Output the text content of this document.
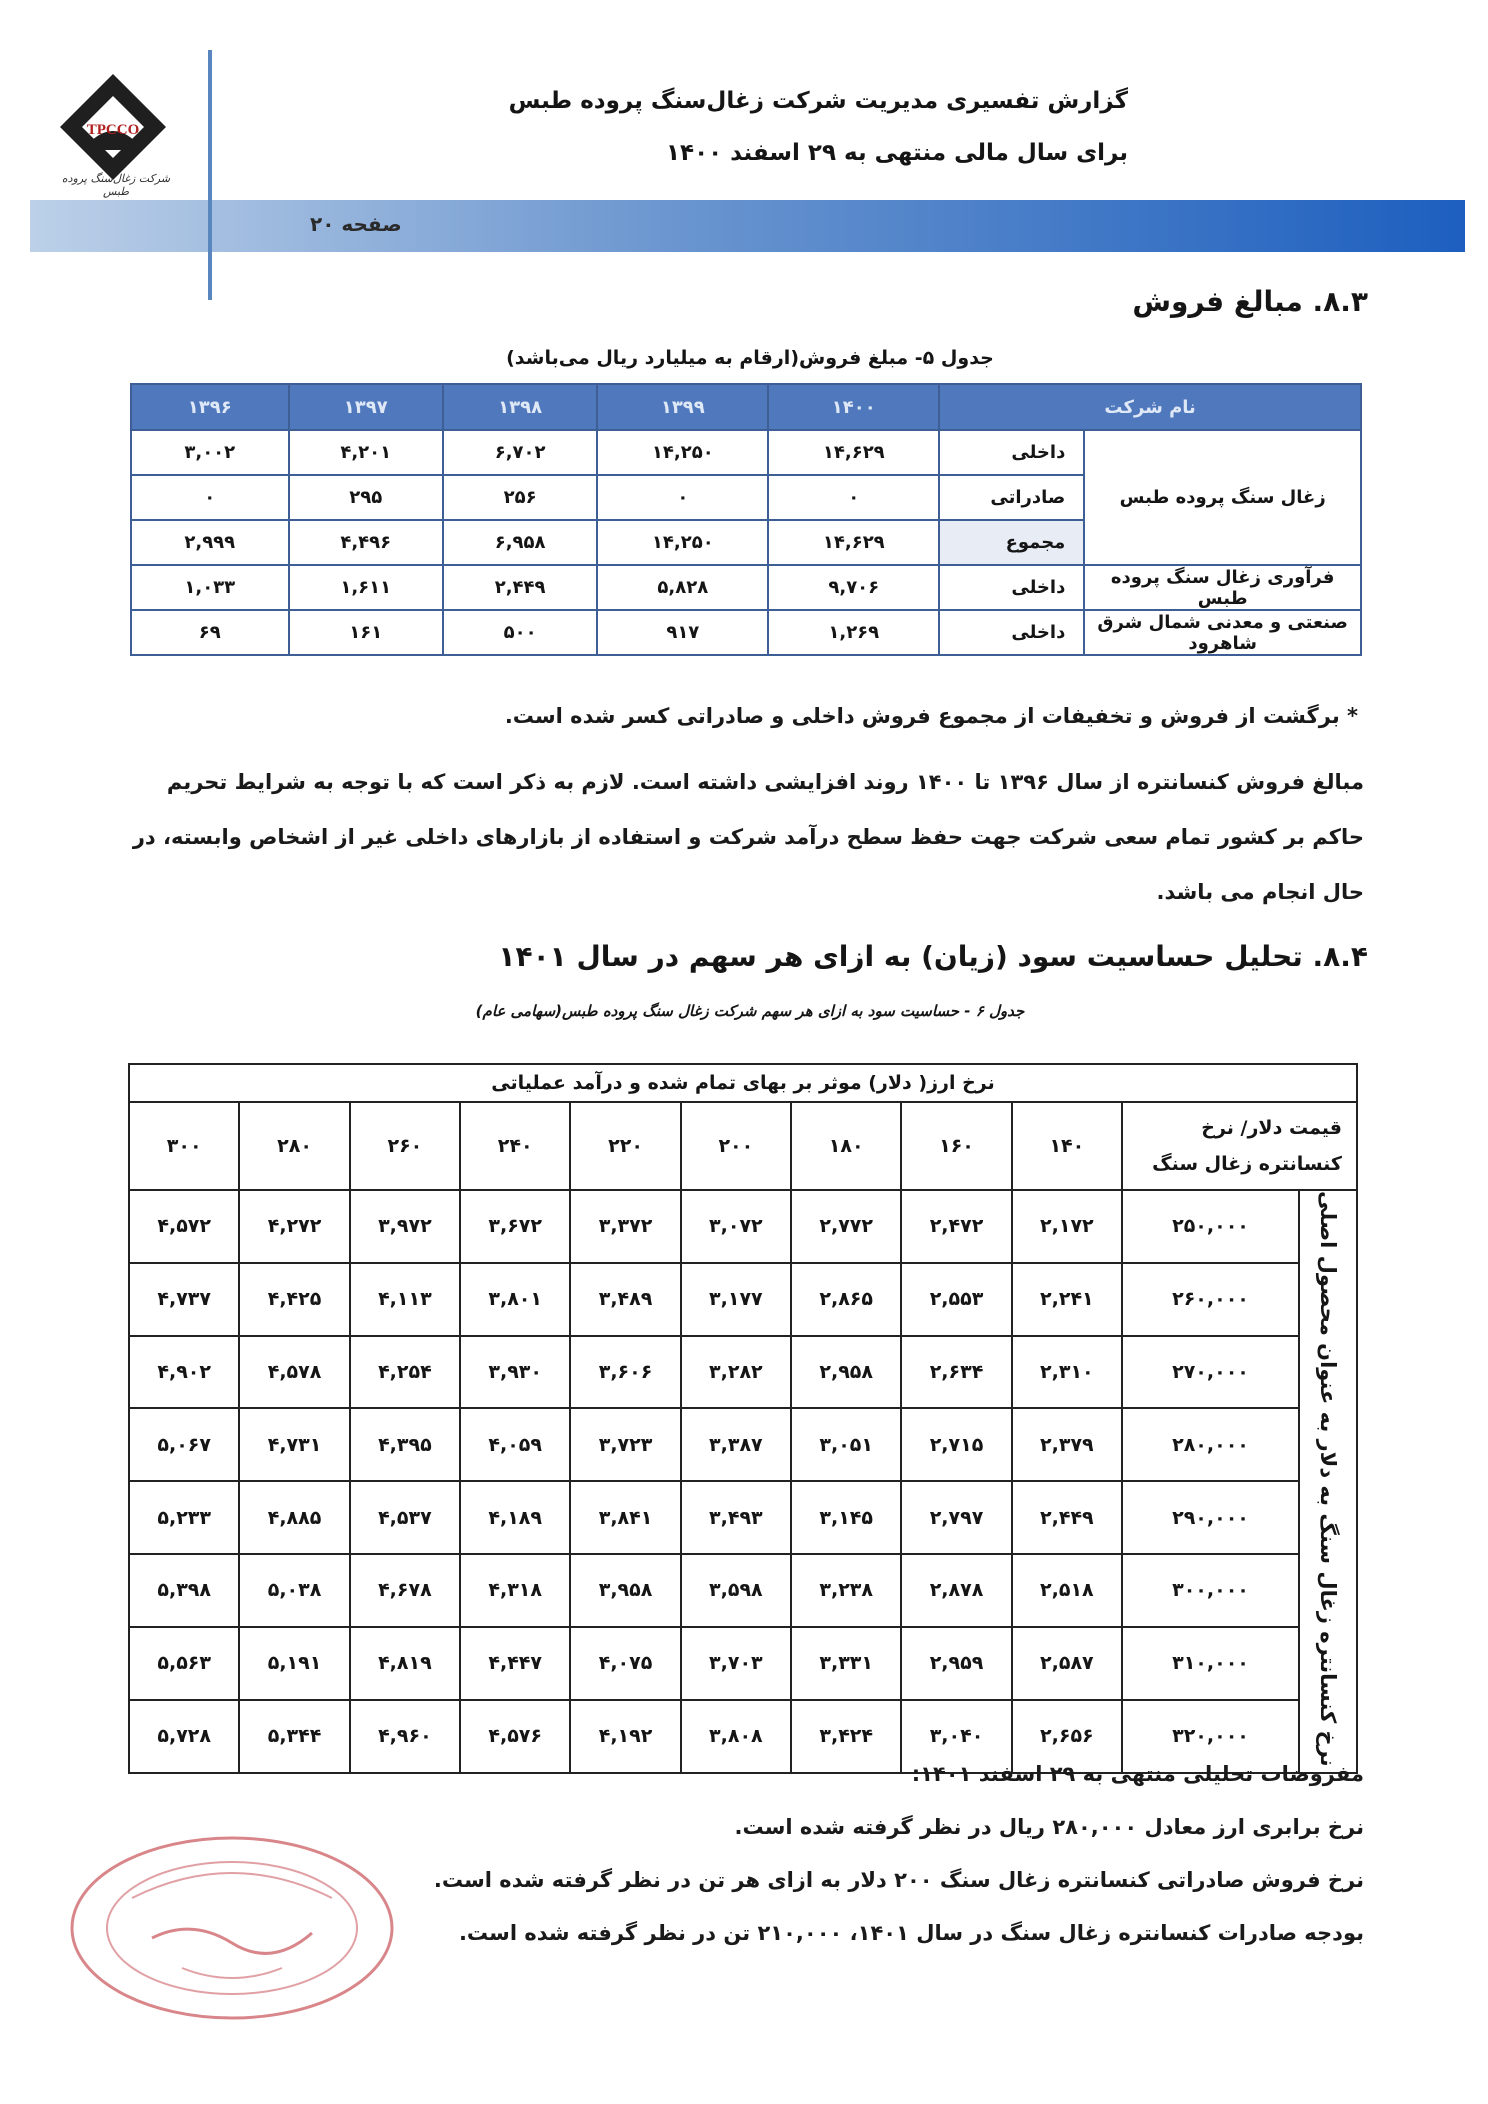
صفحه ۲۰
TPCCO
شرکت زغال‌سنگ پروده طبس
گزارش تفسیری مدیریت شرکت زغال‌سنگ پروده طبس
برای سال مالی منتهی به ۲۹ اسفند ۱۴۰۰
۸.۳. مبالغ فروش
جدول ۵- مبلغ فروش(ارقام به میلیارد ریال می‌باشد)
نام شرکت		۱۴۰۰	۱۳۹۹	۱۳۹۸	۱۳۹۷	۱۳۹۶
زغال سنگ پروده طبس	داخلی	۱۴,۶۲۹	۱۴,۲۵۰	۶,۷۰۲	۴,۲۰۱	۳,۰۰۲
	صادراتی	۰	۰	۲۵۶	۲۹۵	۰
	مجموع	۱۴,۶۲۹	۱۴,۲۵۰	۶,۹۵۸	۴,۴۹۶	۲,۹۹۹
فرآوری زغال سنگ پروده طبس	داخلی	۹,۷۰۶	۵,۸۲۸	۲,۴۴۹	۱,۶۱۱	۱,۰۳۳
صنعتی و معدنی شمال شرق شاهرود	داخلی	۱,۲۶۹	۹۱۷	۵۰۰	۱۶۱	۶۹
* برگشت از فروش و تخفیفات از مجموع فروش داخلی و صادراتی کسر شده است.
مبالغ فروش کنسانتره از سال ۱۳۹۶ تا ۱۴۰۰ روند افزایشی داشته است. لازم به ذکر است که با توجه به شرایط تحریم حاکم بر کشور تمام سعی شرکت جهت حفظ سطح درآمد شرکت و استفاده از بازارهای داخلی غیر از اشخاص وابسته، در حال انجام می باشد.
۸.۴. تحلیل حساسیت سود (زیان) به ازای هر سهم در سال ۱۴۰۱
جدول ۶ - حساسیت سود به ازای هر سهم شرکت زغال سنگ پروده طبس(سهامی عام)
نرخ ارز( دلار) موثر بر بهای تمام شده و درآمد عملیاتی										
قیمت دلار/ نرخ کنسانتره زغال سنگ		۱۴۰	۱۶۰	۱۸۰	۲۰۰	۲۲۰	۲۴۰	۲۶۰	۲۸۰	۳۰۰
نرخ کنسانتره زغال سنگ به دلار به عنوان محصول اصلی	۲۵۰,۰۰۰	۲,۱۷۲	۲,۴۷۲	۲,۷۷۲	۳,۰۷۲	۳,۳۷۲	۳,۶۷۲	۳,۹۷۲	۴,۲۷۲	۴,۵۷۲
	۲۶۰,۰۰۰	۲,۲۴۱	۲,۵۵۳	۲,۸۶۵	۳,۱۷۷	۳,۴۸۹	۳,۸۰۱	۴,۱۱۳	۴,۴۲۵	۴,۷۳۷
	۲۷۰,۰۰۰	۲,۳۱۰	۲,۶۳۴	۲,۹۵۸	۳,۲۸۲	۳,۶۰۶	۳,۹۳۰	۴,۲۵۴	۴,۵۷۸	۴,۹۰۲
	۲۸۰,۰۰۰	۲,۳۷۹	۲,۷۱۵	۳,۰۵۱	۳,۳۸۷	۳,۷۲۳	۴,۰۵۹	۴,۳۹۵	۴,۷۳۱	۵,۰۶۷
	۲۹۰,۰۰۰	۲,۴۴۹	۲,۷۹۷	۳,۱۴۵	۳,۴۹۳	۳,۸۴۱	۴,۱۸۹	۴,۵۳۷	۴,۸۸۵	۵,۲۳۳
	۳۰۰,۰۰۰	۲,۵۱۸	۲,۸۷۸	۳,۲۳۸	۳,۵۹۸	۳,۹۵۸	۴,۳۱۸	۴,۶۷۸	۵,۰۳۸	۵,۳۹۸
	۳۱۰,۰۰۰	۲,۵۸۷	۲,۹۵۹	۳,۳۳۱	۳,۷۰۳	۴,۰۷۵	۴,۴۴۷	۴,۸۱۹	۵,۱۹۱	۵,۵۶۳
	۳۲۰,۰۰۰	۲,۶۵۶	۳,۰۴۰	۳,۴۲۴	۳,۸۰۸	۴,۱۹۲	۴,۵۷۶	۴,۹۶۰	۵,۳۴۴	۵,۷۲۸
مفروضات تحلیلی منتهی به ۲۹ اسفند ۱۴۰۱:
نرخ برابری ارز معادل ۲۸۰,۰۰۰ ریال در نظر گرفته شده است.
نرخ فروش صادراتی کنسانتره زغال سنگ ۲۰۰ دلار به ازای هر تن در نظر گرفته شده است.
بودجه صادرات کنسانتره زغال سنگ در سال ۱۴۰۱، ۲۱۰,۰۰۰ تن در نظر گرفته شده است.
